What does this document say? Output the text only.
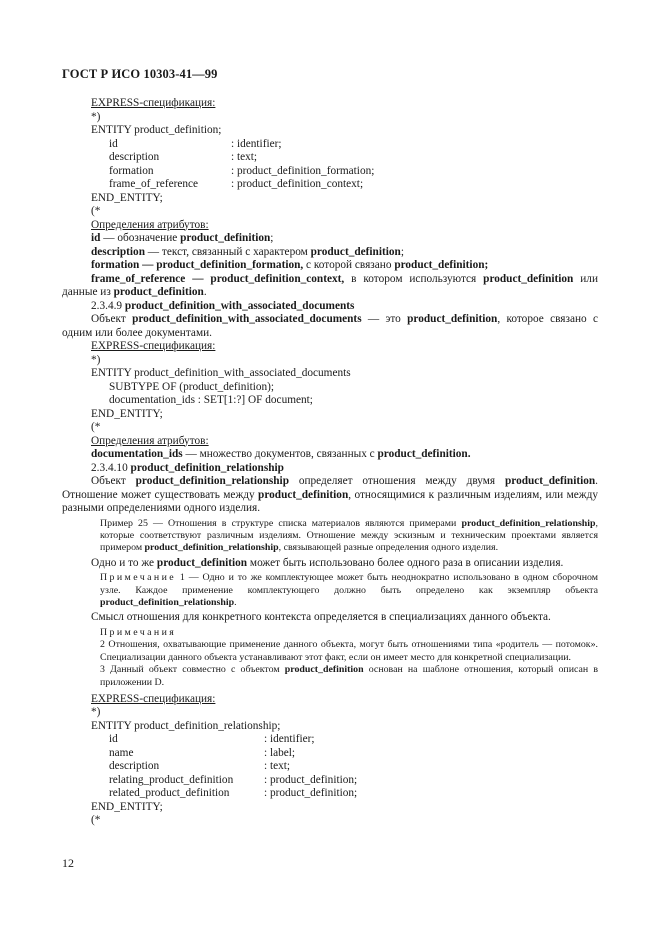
ГОСТ Р ИСО 10303-41—99
EXPRESS-спецификация:
*)
ENTITY product_definition;
id	: identifier;
description	: text;
formation	: product_definition_formation;
frame_of_reference	: product_definition_context;
END_ENTITY;
(*
Определения атрибутов:
id — обозначение product_definition;
description — текст, связанный с характером product_definition;
formation — product_definition_formation, с которой связано product_definition;
frame_of_reference — product_definition_context, в котором используются product_definition или данные из product_definition.
2.3.4.9 product_definition_with_associated_documents
Объект product_definition_with_associated_documents — это product_definition, которое связано с одним или более документами.
EXPRESS-спецификация:
*)
ENTITY product_definition_with_associated_documents
SUBTYPE OF (product_definition);
documentation_ids : SET[1:?] OF document;
END_ENTITY;
(*
Определения атрибутов:
documentation_ids — множество документов, связанных с product_definition.
2.3.4.10 product_definition_relationship
Объект product_definition_relationship определяет отношения между двумя product_definition. Отношение может существовать между product_definition, относящимися к различным изделиям, или между разными определениями одного изделия.
Пример 25 — Отношения в структуре списка материалов являются примерами product_definition_relationship, которые соответствуют различным изделиям. Отношение между эскизным и техническим проектами является примером product_definition_relationship, связывающей разные определения одного изделия.
Одно и то же product_definition может быть использовано более одного раза в описании изделия.
Примечание 1 — Одно и то же комплектующее может быть неоднократно использовано в одном сборочном узле. Каждое применение комплектующего должно быть определено как экземпляр объекта product_definition_relationship.
Смысл отношения для конкретного контекста определяется в специализациях данного объекта.
Примечания
2 Отношения, охватывающие применение данного объекта, могут быть отношениями типа «родитель — потомок». Специализации данного объекта устанавливают этот факт, если он имеет место для конкретной специализации.
3 Данный объект совместно с объектом product_definition основан на шаблоне отношения, который описан в приложении D.
EXPRESS-спецификация:
*)
ENTITY product_definition_relationship;
id	: identifier;
name	: label;
description	: text;
relating_product_definition	: product_definition;
related_product_definition	: product_definition;
END_ENTITY;
(*
12
